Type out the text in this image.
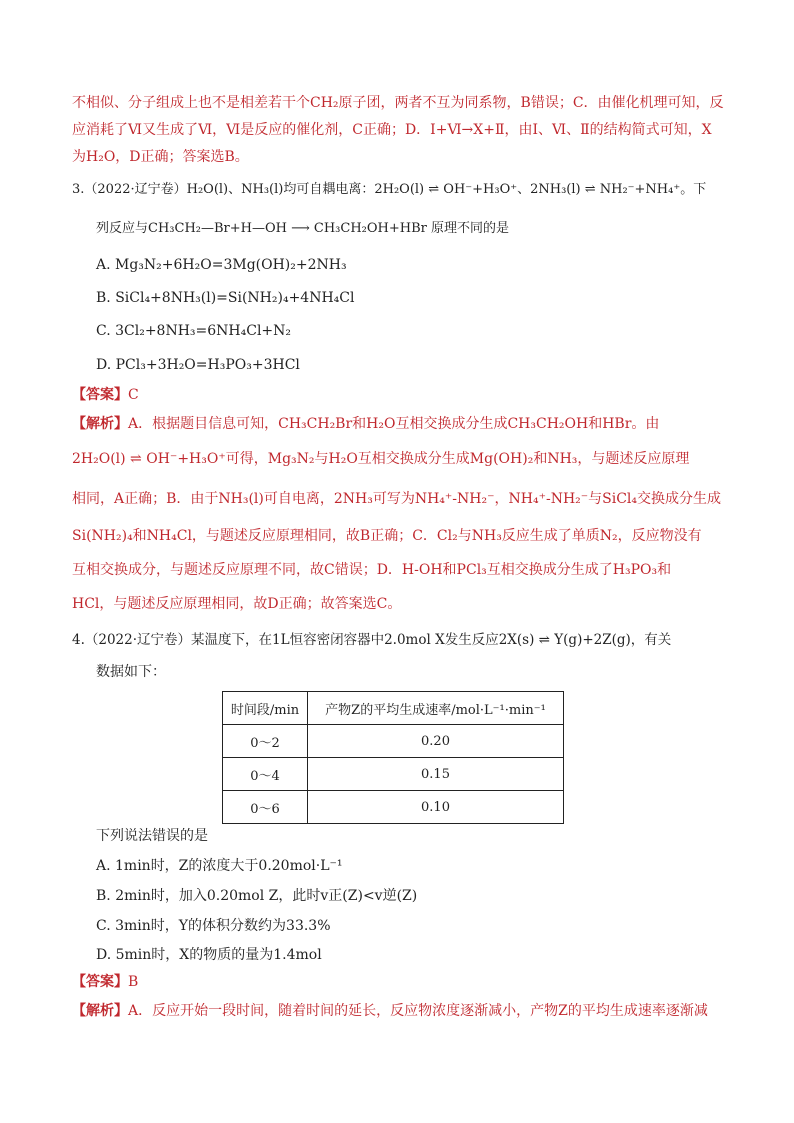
不相似、分子组成上也不是相差若干个CH₂原子团，两者不互为同系物，B错误；C．由催化机理可知，反
应消耗了Ⅵ又生成了Ⅵ，Ⅵ是反应的催化剂，C正确；D．Ⅰ+Ⅵ→X+Ⅱ，由Ⅰ、Ⅵ、Ⅱ的结构简式可知，X
为H₂O，D正确；答案选B。
3.（2022·辽宁卷）H₂O(l)、NH₃(l)均可自耦电离：2H₂O(l) ⇌ OH⁻+H₃O⁺、2NH₃(l) ⇌ NH₂⁻+NH₄⁺。下
列反应与CH₃CH₂—Br+H—OH ⟶ CH₃CH₂OH+HBr 原理不同的是
A. Mg₃N₂+6H₂O=3Mg(OH)₂+2NH₃
B. SiCl₄+8NH₃(l)=Si(NH₂)₄+4NH₄Cl
C. 3Cl₂+8NH₃=6NH₄Cl+N₂
D. PCl₃+3H₂O=H₃PO₃+3HCl
【答案】C
【解析】A．根据题目信息可知，CH₃CH₂Br和H₂O互相交换成分生成CH₃CH₂OH和HBr。由
2H₂O(l) ⇌ OH⁻+H₃O⁺可得，Mg₃N₂与H₂O互相交换成分生成Mg(OH)₂和NH₃，与题述反应原理
相同，A正确；B．由于NH₃(l)可自电离，2NH₃可写为NH₄⁺-NH₂⁻，NH₄⁺-NH₂⁻与SiCl₄交换成分生成
Si(NH₂)₄和NH₄Cl，与题述反应原理相同，故B正确；C．Cl₂与NH₃反应生成了单质N₂，反应物没有
互相交换成分，与题述反应原理不同，故C错误；D．H-OH和PCl₃互相交换成分生成了H₃PO₃和
HCl，与题述反应原理相同，故D正确；故答案选C。
4.（2022·辽宁卷）某温度下，在1L恒容密闭容器中2.0mol X发生反应2X(s) ⇌ Y(g)+2Z(g)，有关
数据如下：
时间段/min	产物Z的平均生成速率/mol·L⁻¹·min⁻¹
0～2	0.20
0～4	0.15
0～6	0.10
下列说法错误的是
A. 1min时，Z的浓度大于0.20mol·L⁻¹
B. 2min时，加入0.20mol Z，此时v正(Z)<v逆(Z)
C. 3min时，Y的体积分数约为33.3%
D. 5min时，X的物质的量为1.4mol
【答案】B
【解析】A．反应开始一段时间，随着时间的延长，反应物浓度逐渐减小，产物Z的平均生成速率逐渐减
